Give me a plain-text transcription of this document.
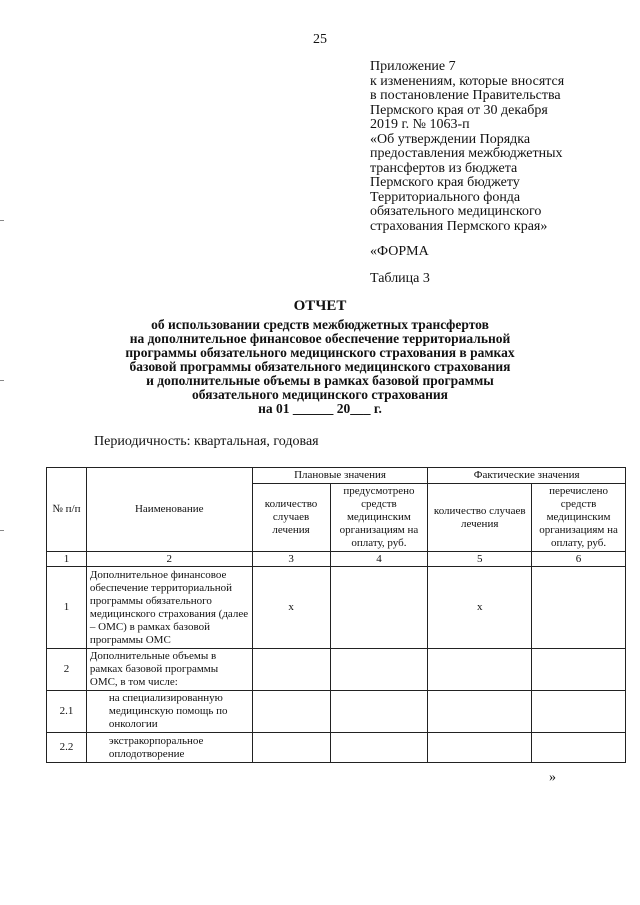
25
Приложение 7
к изменениям, которые вносятся
в постановление Правительства
Пермского края от 30 декабря
2019 г. № 1063-п
«Об утверждении Порядка
предоставления межбюджетных
трансфертов из бюджета
Пермского края бюджету
Территориального фонда
обязательного медицинского
страхования Пермского края»
«ФОРМА
Таблица 3
ОТЧЕТ
об использовании средств межбюджетных трансфертов
на дополнительное финансовое обеспечение территориальной
программы обязательного медицинского страхования в рамках
базовой программы обязательного медицинского страхования
и дополнительные объемы в рамках базовой программы
обязательного медицинского страхования
на 01 ______ 20___ г.
Периодичность: квартальная, годовая
№ п/п	Наименование	Плановые значения		Фактические значения	
		количество случаев лечения	предусмотрено средств медицинским организациям на оплату, руб.	количество случаев лечения	перечислено средств медицинским организациям на оплату, руб.
1	2	3	4	5	6
1	Дополнительное финансовое обеспечение территориальной программы обязательного медицинского страхования (далее – ОМС) в рамках базовой программы ОМС	x		x	
2	Дополнительные объемы в рамках базовой программы ОМС, в том числе:				
2.1	на специализированную медицинскую помощь по онкологии				
2.2	экстракорпоральное оплодотворение				
»
